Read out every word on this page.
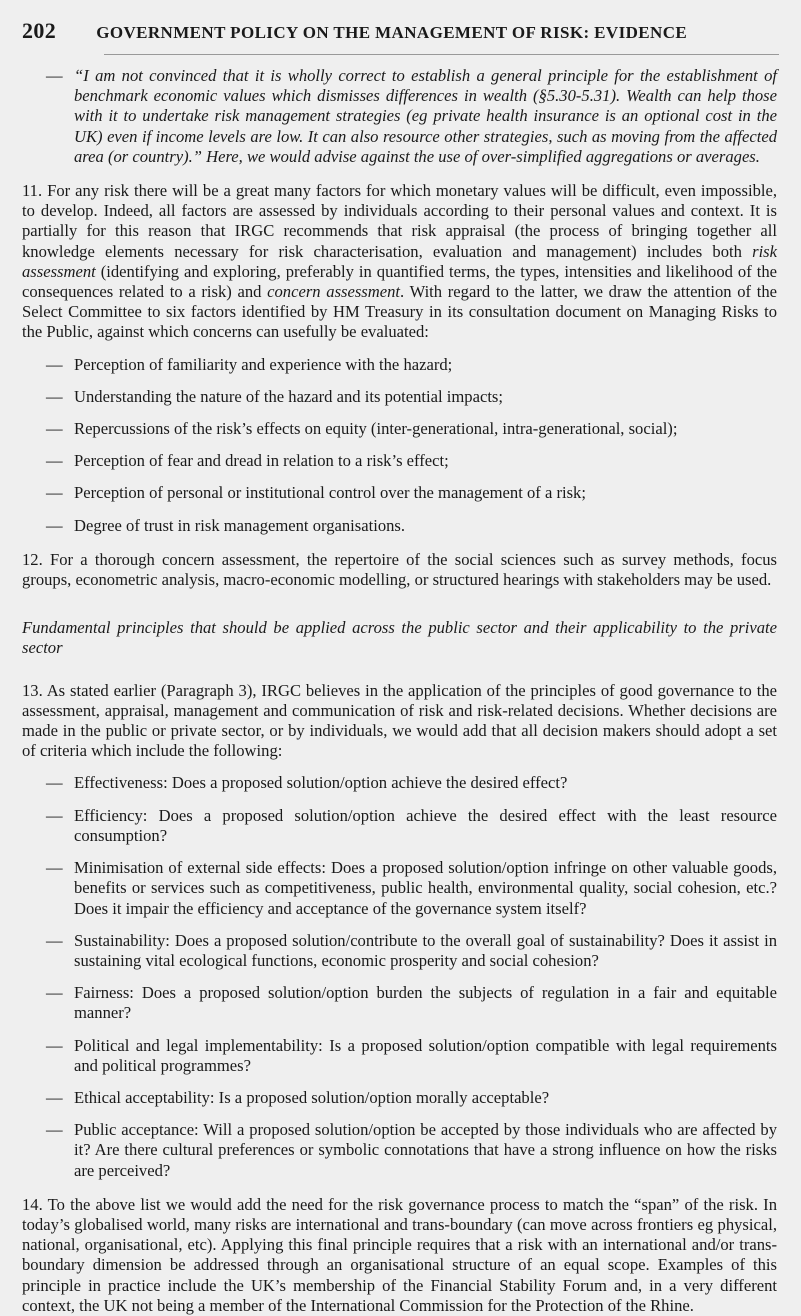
202 GOVERNMENT POLICY ON THE MANAGEMENT OF RISK: EVIDENCE
— “I am not convinced that it is wholly correct to establish a general principle for the establishment of benchmark economic values which dismisses differences in wealth (§5.30-5.31). Wealth can help those with it to undertake risk management strategies (eg private health insurance is an optional cost in the UK) even if income levels are low. It can also resource other strategies, such as moving from the affected area (or country).” Here, we would advise against the use of over-simplified aggregations or averages.

11. For any risk there will be a great many factors for which monetary values will be difficult, even impossible, to develop. Indeed, all factors are assessed by individuals according to their personal values and context. It is partially for this reason that IRGC recommends that risk appraisal (the process of bringing together all knowledge elements necessary for risk characterisation, evaluation and management) includes both risk assessment (identifying and exploring, preferably in quantified terms, the types, intensities and likelihood of the consequences related to a risk) and concern assessment. With regard to the latter, we draw the attention of the Select Committee to six factors identified by HM Treasury in its consultation document on Managing Risks to the Public, against which concerns can usefully be evaluated:

— Perception of familiarity and experience with the hazard;

— Understanding the nature of the hazard and its potential impacts;

— Repercussions of the risk’s effects on equity (inter-generational, intra-generational, social);

— Perception of fear and dread in relation to a risk’s effect;

— Perception of personal or institutional control over the management of a risk;

— Degree of trust in risk management organisations.

12. For a thorough concern assessment, the repertoire of the social sciences such as survey methods, focus groups, econometric analysis, macro-economic modelling, or structured hearings with stakeholders may be used.

Fundamental principles that should be applied across the public sector and their applicability to the private sector

13. As stated earlier (Paragraph 3), IRGC believes in the application of the principles of good governance to the assessment, appraisal, management and communication of risk and risk-related decisions. Whether decisions are made in the public or private sector, or by individuals, we would add that all decision makers should adopt a set of criteria which include the following:

— Effectiveness: Does a proposed solution/option achieve the desired effect?

— Efficiency: Does a proposed solution/option achieve the desired effect with the least resource consumption?

— Minimisation of external side effects: Does a proposed solution/option infringe on other valuable goods, benefits or services such as competitiveness, public health, environmental quality, social cohesion, etc.? Does it impair the efficiency and acceptance of the governance system itself?

— Sustainability: Does a proposed solution/contribute to the overall goal of sustainability? Does it assist in sustaining vital ecological functions, economic prosperity and social cohesion?

— Fairness: Does a proposed solution/option burden the subjects of regulation in a fair and equitable manner?

— Political and legal implementability: Is a proposed solution/option compatible with legal requirements and political programmes?

— Ethical acceptability: Is a proposed solution/option morally acceptable?

— Public acceptance: Will a proposed solution/option be accepted by those individuals who are affected by it? Are there cultural preferences or symbolic connotations that have a strong influence on how the risks are perceived?

14. To the above list we would add the need for the risk governance process to match the “span” of the risk. In today’s globalised world, many risks are international and trans-boundary (can move across frontiers eg physical, national, organisational, etc). Applying this final principle requires that a risk with an international and/or trans-boundary dimension be addressed through an organisational structure of an equal scope. Examples of this principle in practice include the UK’s membership of the Financial Stability Forum and, in a very different context, the UK not being a member of the International Commission for the Protection of the Rhine.
